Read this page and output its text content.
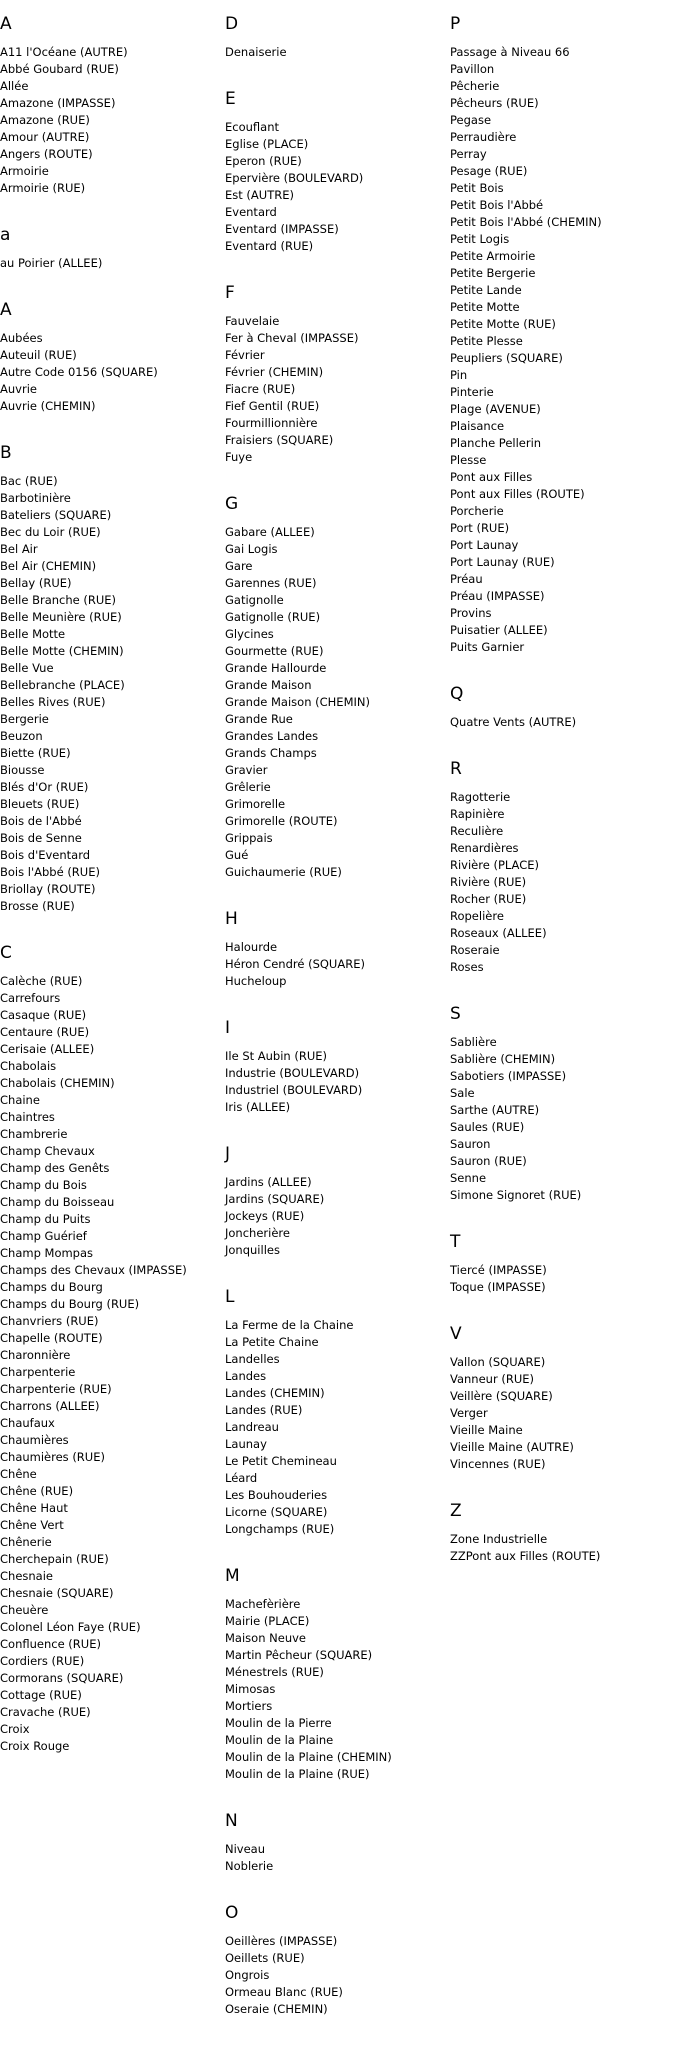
A
A11 l'Océane (AUTRE)
Abbé Goubard (RUE)
Allée
Amazone (IMPASSE)
Amazone (RUE)
Amour (AUTRE)
Angers (ROUTE)
Armoirie
Armoirie (RUE)
a
au Poirier (ALLEE)
A
Aubées
Auteuil (RUE)
Autre Code 0156 (SQUARE)
Auvrie
Auvrie (CHEMIN)
B
Bac (RUE)
Barbotinière
Bateliers (SQUARE)
Bec du Loir (RUE)
Bel Air
Bel Air (CHEMIN)
Bellay (RUE)
Belle Branche (RUE)
Belle Meunière (RUE)
Belle Motte
Belle Motte (CHEMIN)
Belle Vue
Bellebranche (PLACE)
Belles Rives (RUE)
Bergerie
Beuzon
Biette (RUE)
Biousse
Blés d'Or (RUE)
Bleuets (RUE)
Bois de l'Abbé
Bois de Senne
Bois d'Eventard
Bois l'Abbé (RUE)
Briollay (ROUTE)
Brosse (RUE)
C
Calèche (RUE)
Carrefours
Casaque (RUE)
Centaure (RUE)
Cerisaie (ALLEE)
Chabolais
Chabolais (CHEMIN)
Chaine
Chaintres
Chambrerie
Champ Chevaux
Champ des Genêts
Champ du Bois
Champ du Boisseau
Champ du Puits
Champ Guérief
Champ Mompas
Champs des Chevaux (IMPASSE)
Champs du Bourg
Champs du Bourg (RUE)
Chanvriers (RUE)
Chapelle (ROUTE)
Charonnière
Charpenterie
Charpenterie (RUE)
Charrons (ALLEE)
Chaufaux
Chaumières
Chaumières (RUE)
Chêne
Chêne (RUE)
Chêne Haut
Chêne Vert
Chênerie
Cherchepain (RUE)
Chesnaie
Chesnaie (SQUARE)
Cheuère
Colonel Léon Faye (RUE)
Confluence (RUE)
Cordiers (RUE)
Cormorans (SQUARE)
Cottage (RUE)
Cravache (RUE)
Croix
Croix Rouge
D
Denaiserie
E
Ecouflant
Eglise (PLACE)
Eperon (RUE)
Epervière (BOULEVARD)
Est (AUTRE)
Eventard
Eventard (IMPASSE)
Eventard (RUE)
F
Fauvelaie
Fer à Cheval (IMPASSE)
Février
Février (CHEMIN)
Fiacre (RUE)
Fief Gentil (RUE)
Fourmillionnière
Fraisiers (SQUARE)
Fuye
G
Gabare (ALLEE)
Gai Logis
Gare
Garennes (RUE)
Gatignolle
Gatignolle (RUE)
Glycines
Gourmette (RUE)
Grande Hallourde
Grande Maison
Grande Maison (CHEMIN)
Grande Rue
Grandes Landes
Grands Champs
Gravier
Grêlerie
Grimorelle
Grimorelle (ROUTE)
Grippais
Gué
Guichaumerie (RUE)
H
Halourde
Héron Cendré (SQUARE)
Hucheloup
I
Ile St Aubin (RUE)
Industrie (BOULEVARD)
Industriel (BOULEVARD)
Iris (ALLEE)
J
Jardins (ALLEE)
Jardins (SQUARE)
Jockeys (RUE)
Joncherière
Jonquilles
L
La Ferme de la Chaine
La Petite Chaine
Landelles
Landes
Landes (CHEMIN)
Landes (RUE)
Landreau
Launay
Le Petit Chemineau
Léard
Les Bouhouderies
Licorne (SQUARE)
Longchamps (RUE)
M
Machefèrière
Mairie (PLACE)
Maison Neuve
Martin Pêcheur (SQUARE)
Ménestrels (RUE)
Mimosas
Mortiers
Moulin de la Pierre
Moulin de la Plaine
Moulin de la Plaine (CHEMIN)
Moulin de la Plaine (RUE)
N
Niveau
Noblerie
O
Oeillères (IMPASSE)
Oeillets (RUE)
Ongrois
Ormeau Blanc (RUE)
Oseraie (CHEMIN)
P
Passage à Niveau 66
Pavillon
Pêcherie
Pêcheurs (RUE)
Pegase
Perraudière
Perray
Pesage (RUE)
Petit Bois
Petit Bois l'Abbé
Petit Bois l'Abbé (CHEMIN)
Petit Logis
Petite Armoirie
Petite Bergerie
Petite Lande
Petite Motte
Petite Motte (RUE)
Petite Plesse
Peupliers (SQUARE)
Pin
Pinterie
Plage (AVENUE)
Plaisance
Planche Pellerin
Plesse
Pont aux Filles
Pont aux Filles (ROUTE)
Porcherie
Port (RUE)
Port Launay
Port Launay (RUE)
Préau
Préau (IMPASSE)
Provins
Puisatier (ALLEE)
Puits Garnier
Q
Quatre Vents (AUTRE)
R
Ragotterie
Rapinière
Reculière
Renardières
Rivière (PLACE)
Rivière (RUE)
Rocher (RUE)
Ropelière
Roseaux (ALLEE)
Roseraie
Roses
S
Sablière
Sablière (CHEMIN)
Sabotiers (IMPASSE)
Sale
Sarthe (AUTRE)
Saules (RUE)
Sauron
Sauron (RUE)
Senne
Simone Signoret (RUE)
T
Tiercé (IMPASSE)
Toque (IMPASSE)
V
Vallon (SQUARE)
Vanneur (RUE)
Veillère (SQUARE)
Verger
Vieille Maine
Vieille Maine (AUTRE)
Vincennes (RUE)
Z
Zone Industrielle
ZZPont aux Filles (ROUTE)
